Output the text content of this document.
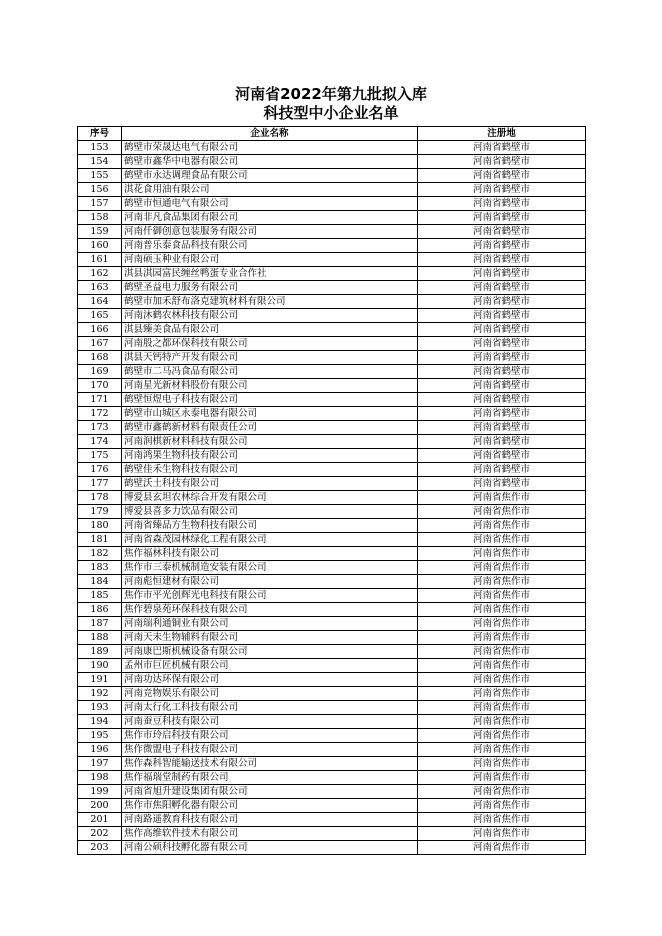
河南省2022年第九批拟入库
科技型中小企业名单
序号	企业名称	注册地
153	鹤壁市荣晟达电气有限公司	河南省鹤壁市
154	鹤壁市鑫华中电器有限公司	河南省鹤壁市
155	鹤壁市永达调理食品有限公司	河南省鹤壁市
156	淇花食用油有限公司	河南省鹤壁市
157	鹤壁市恒通电气有限公司	河南省鹤壁市
158	河南非凡食品集团有限公司	河南省鹤壁市
159	河南仟御创意包装服务有限公司	河南省鹤壁市
160	河南普乐泰食品科技有限公司	河南省鹤壁市
161	河南硕玉种业有限公司	河南省鹤壁市
162	淇县淇园富民缠丝鸭蛋专业合作社	河南省鹤壁市
163	鹤壁圣益电力服务有限公司	河南省鹤壁市
164	鹤壁市加禾舒布洛克建筑材料有限公司	河南省鹤壁市
165	河南沐鹤农林科技有限公司	河南省鹤壁市
166	淇县臻美食品有限公司	河南省鹤壁市
167	河南殷之都环保科技有限公司	河南省鹤壁市
168	淇县天钙特产开发有限公司	河南省鹤壁市
169	鹤壁市二马冯食品有限公司	河南省鹤壁市
170	河南星光新材料股份有限公司	河南省鹤壁市
171	鹤壁恒煜电子科技有限公司	河南省鹤壁市
172	鹤壁市山城区永泰电器有限公司	河南省鹤壁市
173	鹤壁市鑫鹤新材料有限责任公司	河南省鹤壁市
174	河南润棋新材料科技有限公司	河南省鹤壁市
175	河南鸿果生物科技有限公司	河南省鹤壁市
176	鹤壁佳禾生物科技有限公司	河南省鹤壁市
177	鹤壁沃土科技有限公司	河南省鹤壁市
178	博爱县玄坦农林综合开发有限公司	河南省焦作市
179	博爱县喜多力饮品有限公司	河南省焦作市
180	河南省臻品方生物科技有限公司	河南省焦作市
181	河南省森茂园林绿化工程有限公司	河南省焦作市
182	焦作福林科技有限公司	河南省焦作市
183	焦作市三泰机械制造安装有限公司	河南省焦作市
184	河南彪恒建材有限公司	河南省焦作市
185	焦作市平光创辉光电科技有限公司	河南省焦作市
186	焦作碧泉苑环保科技有限公司	河南省焦作市
187	河南瑞利通铜业有限公司	河南省焦作市
188	河南天未生物辅料有限公司	河南省焦作市
189	河南康巴斯机械设备有限公司	河南省焦作市
190	孟州市巨匠机械有限公司	河南省焦作市
191	河南功达环保有限公司	河南省焦作市
192	河南竞物娱乐有限公司	河南省焦作市
193	河南太行化工科技有限公司	河南省焦作市
194	河南蚕豆科技有限公司	河南省焦作市
195	焦作市玲启科技有限公司	河南省焦作市
196	焦作微盟电子科技有限公司	河南省焦作市
197	焦作森科智能输送技术有限公司	河南省焦作市
198	焦作福瑞堂制药有限公司	河南省焦作市
199	河南省旭升建设集团有限公司	河南省焦作市
200	焦作市焦阳孵化器有限公司	河南省焦作市
201	河南路遥教育科技有限公司	河南省焦作市
202	焦作高维软件技术有限公司	河南省焦作市
203	河南公硕科技孵化器有限公司	河南省焦作市
